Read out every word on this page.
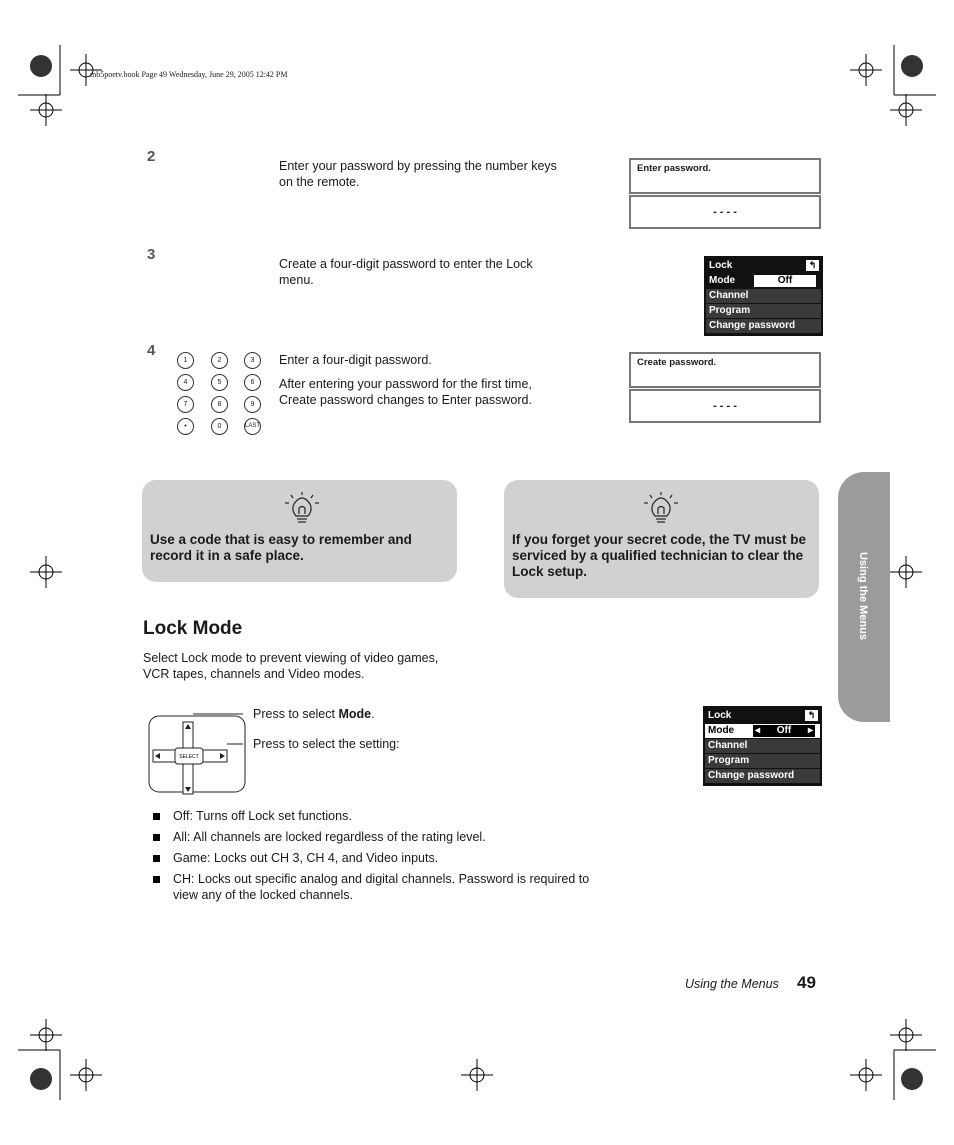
mb5poetv.book Page 49 Wednesday, June 29, 2005 12:42 PM
2
Enter your password by pressing the number keys on the remote.
Enter password.
- - - -
3
Create a four-digit password to enter the Lock menu.
Lock	↰
Mode	Off
Channel
Program
Change password
4
1	2	3
4	5	6
7	8	9
•	0	LAST
Enter a four-digit password.
After entering your password for the first time, Create password changes to Enter password.
Create password.
- - - -
Use a code that is easy to remember and record it in a safe place.
If you forget your secret code, the TV must be serviced by a qualified technician to clear the Lock setup.	Using the Menus
Lock Mode
Select Lock mode to prevent viewing of video games, VCR tapes, channels and Video modes.
SELECT
Press to select Mode.
Press to select the setting:
Lock	↰
Mode ◂ Off ▸
Channel
Program
Change password
Off: Turns off Lock set functions.
All: All channels are locked regardless of the rating level.
Game: Locks out CH 3, CH 4, and Video inputs.
CH: Locks out specific analog and digital channels. Password is required to view any of the locked channels.
Using the Menus 49
